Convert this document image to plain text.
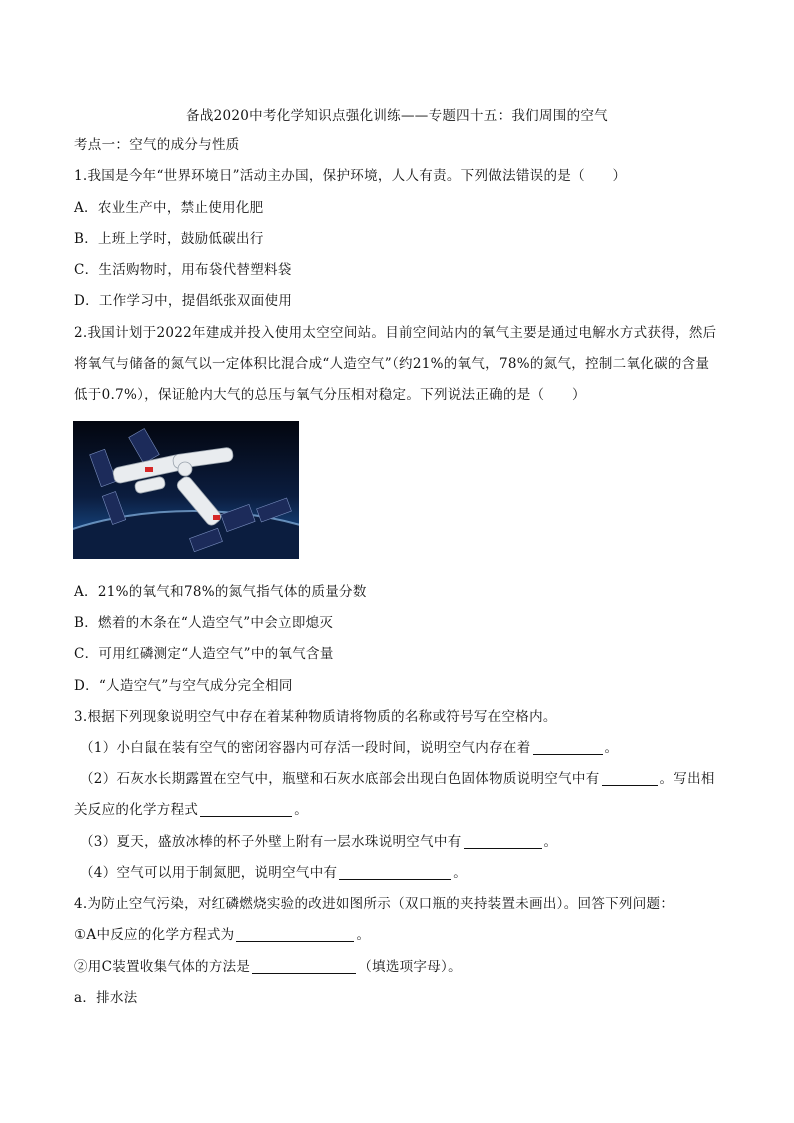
备战2020中考化学知识点强化训练——专题四十五：我们周围的空气
考点一：空气的成分与性质
1.我国是今年“世界环境日”活动主办国，保护环境，人人有责。下列做法错误的是（　　）
A．农业生产中，禁止使用化肥
B．上班上学时，鼓励低碳出行
C．生活购物时，用布袋代替塑料袋
D．工作学习中，提倡纸张双面使用
2.我国计划于2022年建成并投入使用太空空间站。目前空间站内的氧气主要是通过电解水方式获得，然后
将氧气与储备的氮气以一定体积比混合成“人造空气”（约21%的氧气，78%的氮气，控制二氧化碳的含量
低于0.7%），保证舱内大气的总压与氧气分压相对稳定。下列说法正确的是（　　）
A．21%的氧气和78%的氮气指气体的质量分数
B．燃着的木条在“人造空气”中会立即熄灭
C．可用红磷测定“人造空气”中的氧气含量
D．“人造空气”与空气成分完全相同
3.根据下列现象说明空气中存在着某种物质请将物质的名称或符号写在空格内。
（1）小白鼠在装有空气的密闭容器内可存活一段时间，说明空气内存在着	。
（2）石灰水长期露置在空气中，瓶壁和石灰水底部会出现白色固体物质说明空气中有	。写出相
关反应的化学方程式	。
（3）夏天，盛放冰棒的杯子外壁上附有一层水珠说明空气中有	。
（4）空气可以用于制氮肥，说明空气中有	。
4.为防止空气污染，对红磷燃烧实验的改进如图所示（双口瓶的夹持装置未画出）。回答下列问题：
①A中反应的化学方程式为	。
②用C装置收集气体的方法是	（填选项字母）。
a．排水法
